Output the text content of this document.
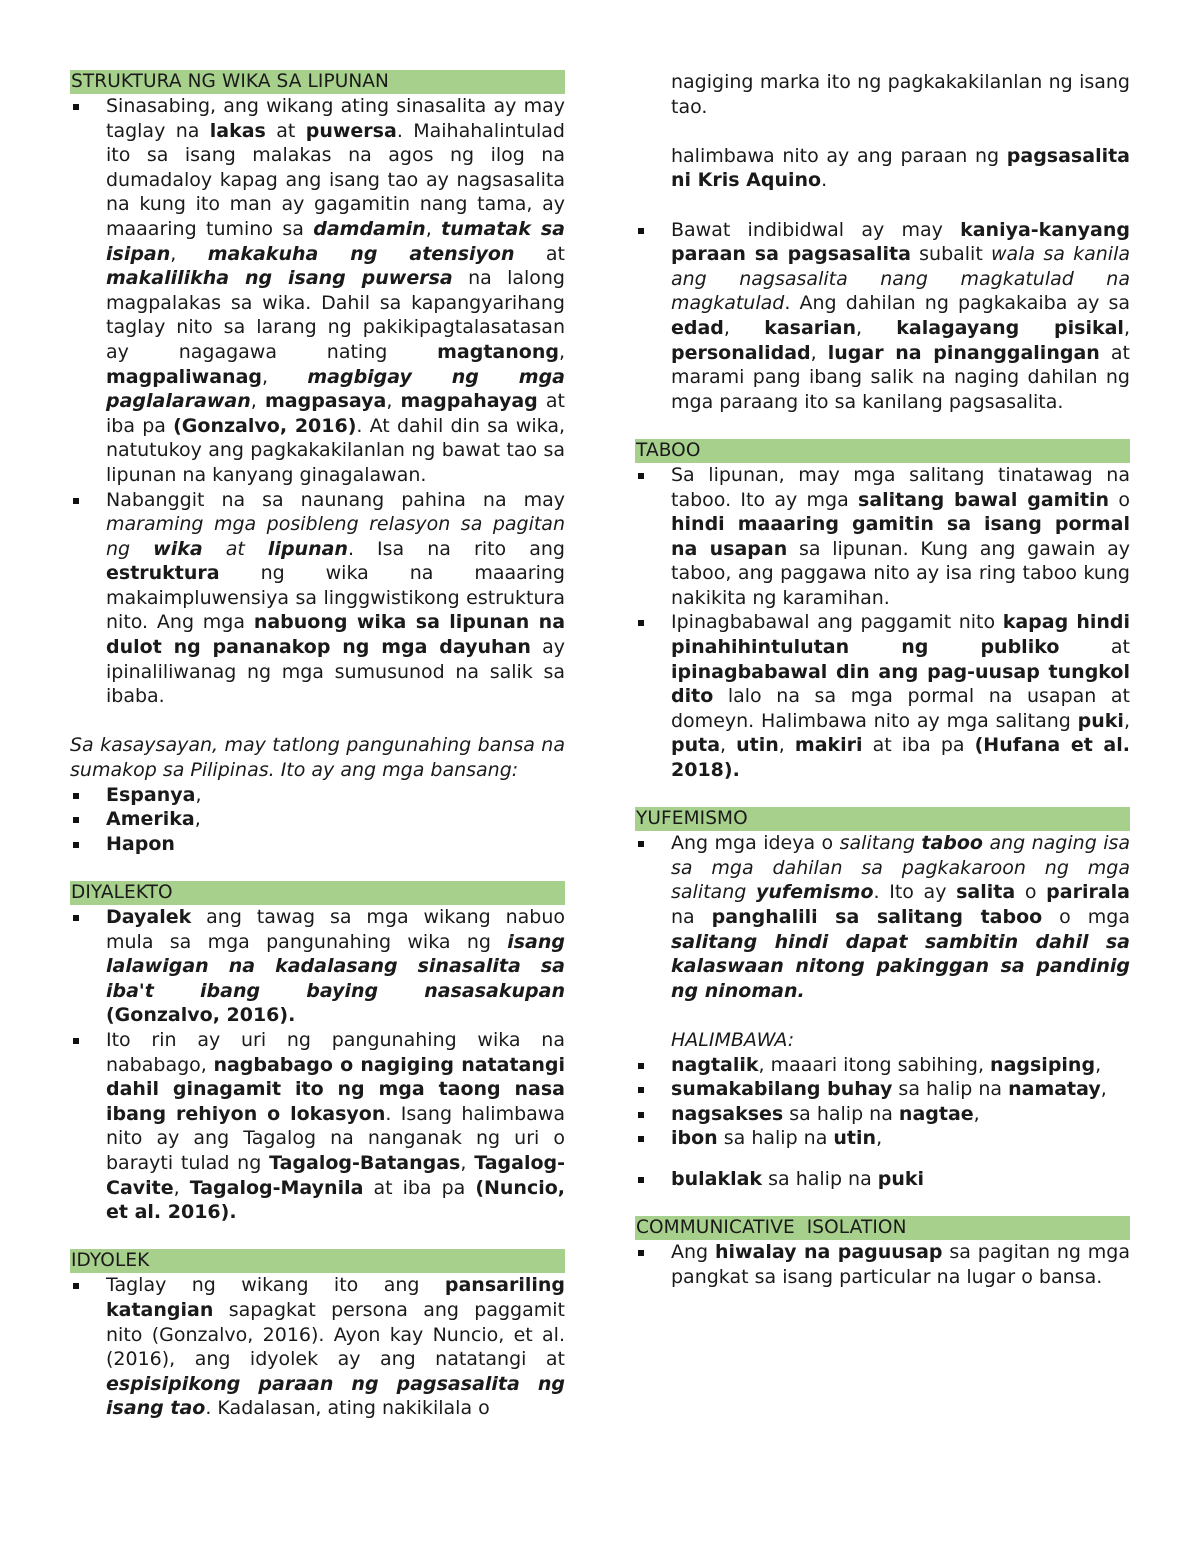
STRUKTURA NG WIKA SA LIPUNAN
Sinasabing, ang wikang ating sinasalita ay may taglay na lakas at puwersa. Maihahalintulad ito sa isang malakas na agos ng ilog na dumadaloy kapag ang isang tao ay nagsasalita na kung ito man ay gagamitin nang tama, ay maaaring tumino sa damdamin, tumatak sa isipan, makakuha ng atensiyon at makalilikha ng isang puwersa na lalong magpalakas sa wika. Dahil sa kapangyarihang taglay nito sa larang ng pakikipagtalasatasan ay nagagawa nating magtanong, magpaliwanag, magbigay ng mga paglalarawan, magpasaya, magpahayag at iba pa (Gonzalvo, 2016). At dahil din sa wika, natutukoy ang pagkakakilanlan ng bawat tao sa lipunan na kanyang ginagalawan.
Nabanggit na sa naunang pahina na may maraming mga posibleng relasyon sa pagitan ng wika at lipunan. Isa na rito ang estruktura ng wika na maaaring makaimpluwensiya sa linggwistikong estruktura nito. Ang mga nabuong wika sa lipunan na dulot ng pananakop ng mga dayuhan ay ipinaliliwanag ng mga sumusunod na salik sa ibaba.

Sa kasaysayan, may tatlong pangunahing bansa na sumakop sa Pilipinas. Ito ay ang mga bansang:

Espanya,
Amerika,
Hapon
DIYALEKTO
Dayalek ang tawag sa mga wikang nabuo mula sa mga pangunahing wika ng isang lalawigan na kadalasang sinasalita sa iba't ibang baying nasasakupan (Gonzalvo, 2016).
Ito rin ay uri ng pangunahing wika na nababago, nagbabago o nagiging natatangi dahil ginagamit ito ng mga taong nasa ibang rehiyon o lokasyon. Isang halimbawa nito ay ang Tagalog na nanganak ng uri o barayti tulad ng Tagalog-Batangas, Tagalog-Cavite, Tagalog-Maynila at iba pa (Nuncio, et al. 2016).
IDYOLEK
Taglay ng wikang ito ang pansariling katangian sapagkat persona ang paggamit nito (Gonzalvo, 2016). Ayon kay Nuncio, et al. (2016), ang idyolek ay ang natatangi at espisipikong paraan ng pagsasalita ng isang tao. Kadalasan, ating nakikilala o

nagiging marka ito ng pagkakakilanlan ng isang tao.

halimbawa nito ay ang paraan ng pagsasalita ni Kris Aquino.

Bawat indibidwal ay may kaniya-kanyang paraan sa pagsasalita subalit wala sa kanila ang nagsasalita nang magkatulad na magkatulad. Ang dahilan ng pagkakaiba ay sa edad, kasarian, kalagayang pisikal, personalidad, lugar na pinanggalingan at marami pang ibang salik na naging dahilan ng mga paraang ito sa kanilang pagsasalita.
TABOO
Sa lipunan, may mga salitang tinatawag na taboo. Ito ay mga salitang bawal gamitin o hindi maaaring gamitin sa isang pormal na usapan sa lipunan. Kung ang gawain ay taboo, ang paggawa nito ay isa ring taboo kung nakikita ng karamihan.
Ipinagbabawal ang paggamit nito kapag hindi pinahihintulutan ng publiko at ipinagbabawal din ang pag-uusap tungkol dito lalo na sa mga pormal na usapan at domeyn. Halimbawa nito ay mga salitang puki, puta, utin, makiri at iba pa (Hufana et al. 2018).
YUFEMISMO
Ang mga ideya o salitang taboo ang naging isa sa mga dahilan sa pagkakaroon ng mga salitang yufemismo. Ito ay salita o parirala na panghalili sa salitang taboo o mga salitang hindi dapat sambitin dahil sa kalaswaan nitong pakinggan sa pandinig ng ninoman.

HALIMBAWA:

nagtalik, maaari itong sabihing, nagsiping,
sumakabilang buhay sa halip na namatay,
nagsakses sa halip na nagtae,
ibon sa halip na utin,
bulaklak sa halip na puki
COMMUNICATIVE  ISOLATION
Ang hiwalay na paguusap sa pagitan ng mga pangkat sa isang particular na lugar o bansa.
